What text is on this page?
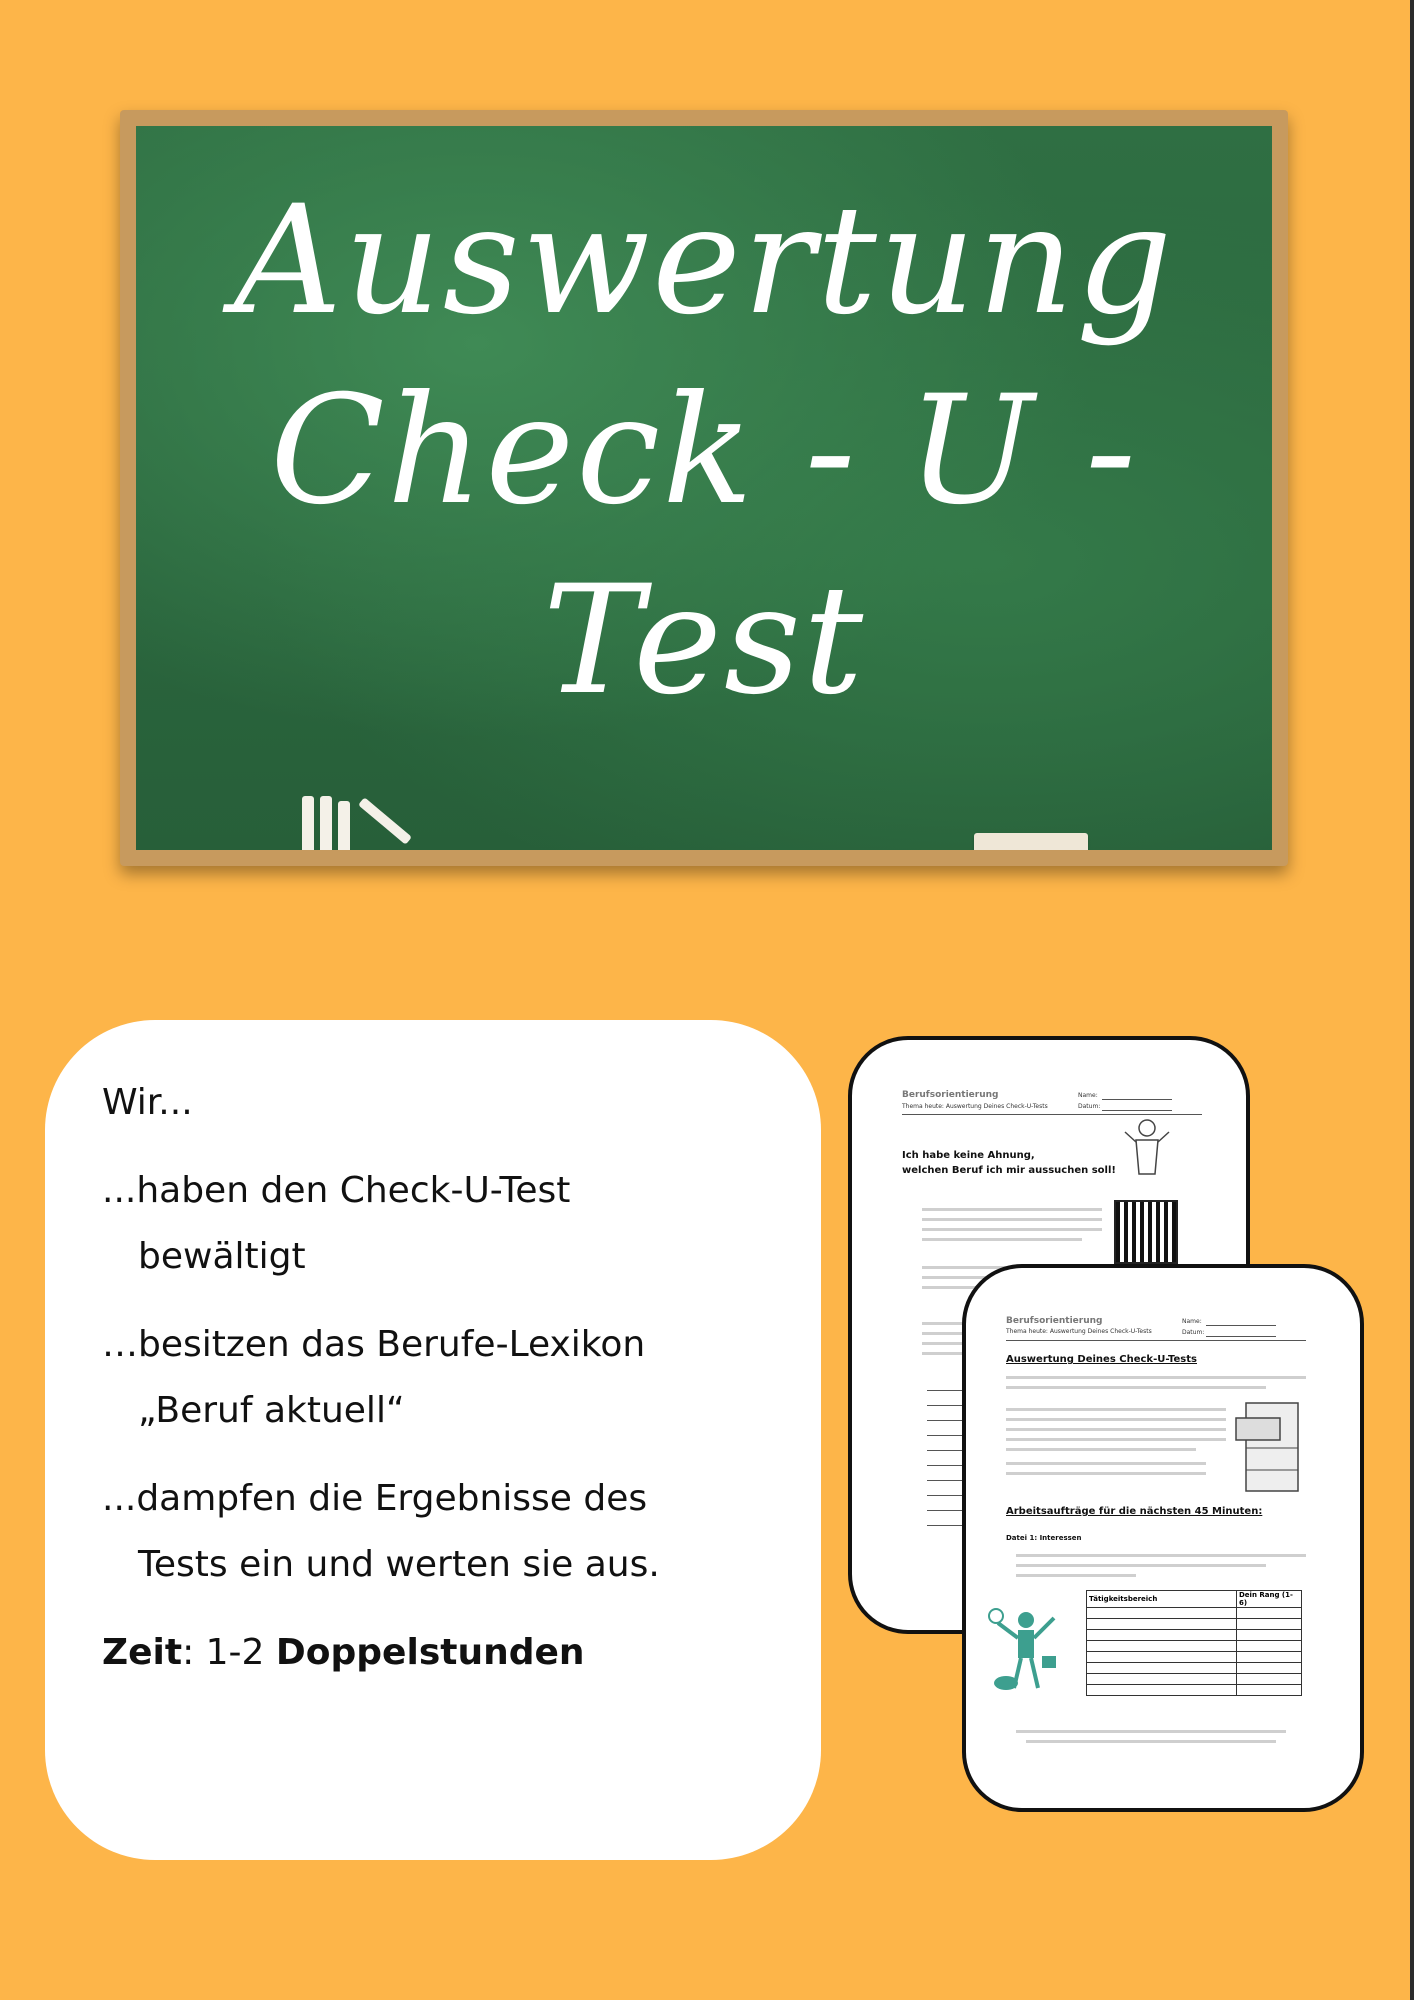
Auswertung
Check - U -
Test

Wir...

...haben den Check-U-Test

bewältigt

…besitzen das Berufe-Lexikon

„Beruf aktuell“

...dampfen die Ergebnisse des

Tests ein und werten sie aus.

Zeit: 1-2 Doppelstunden

Berufsorientierung
Thema heute: Auswertung Deines Check-U-Tests
Name:
Datum:
Ich habe keine Ahnung,
welchen Beruf ich mir aussuchen soll!
Berufsorientierung
Thema heute: Auswertung Deines Check-U-Tests
Name:
Datum:
Auswertung Deines Check-U-Tests
Arbeitsaufträge für die nächsten 45 Minuten:
Datei 1: Interessen
Tätigkeitsbereich	Dein Rang (1-6)
